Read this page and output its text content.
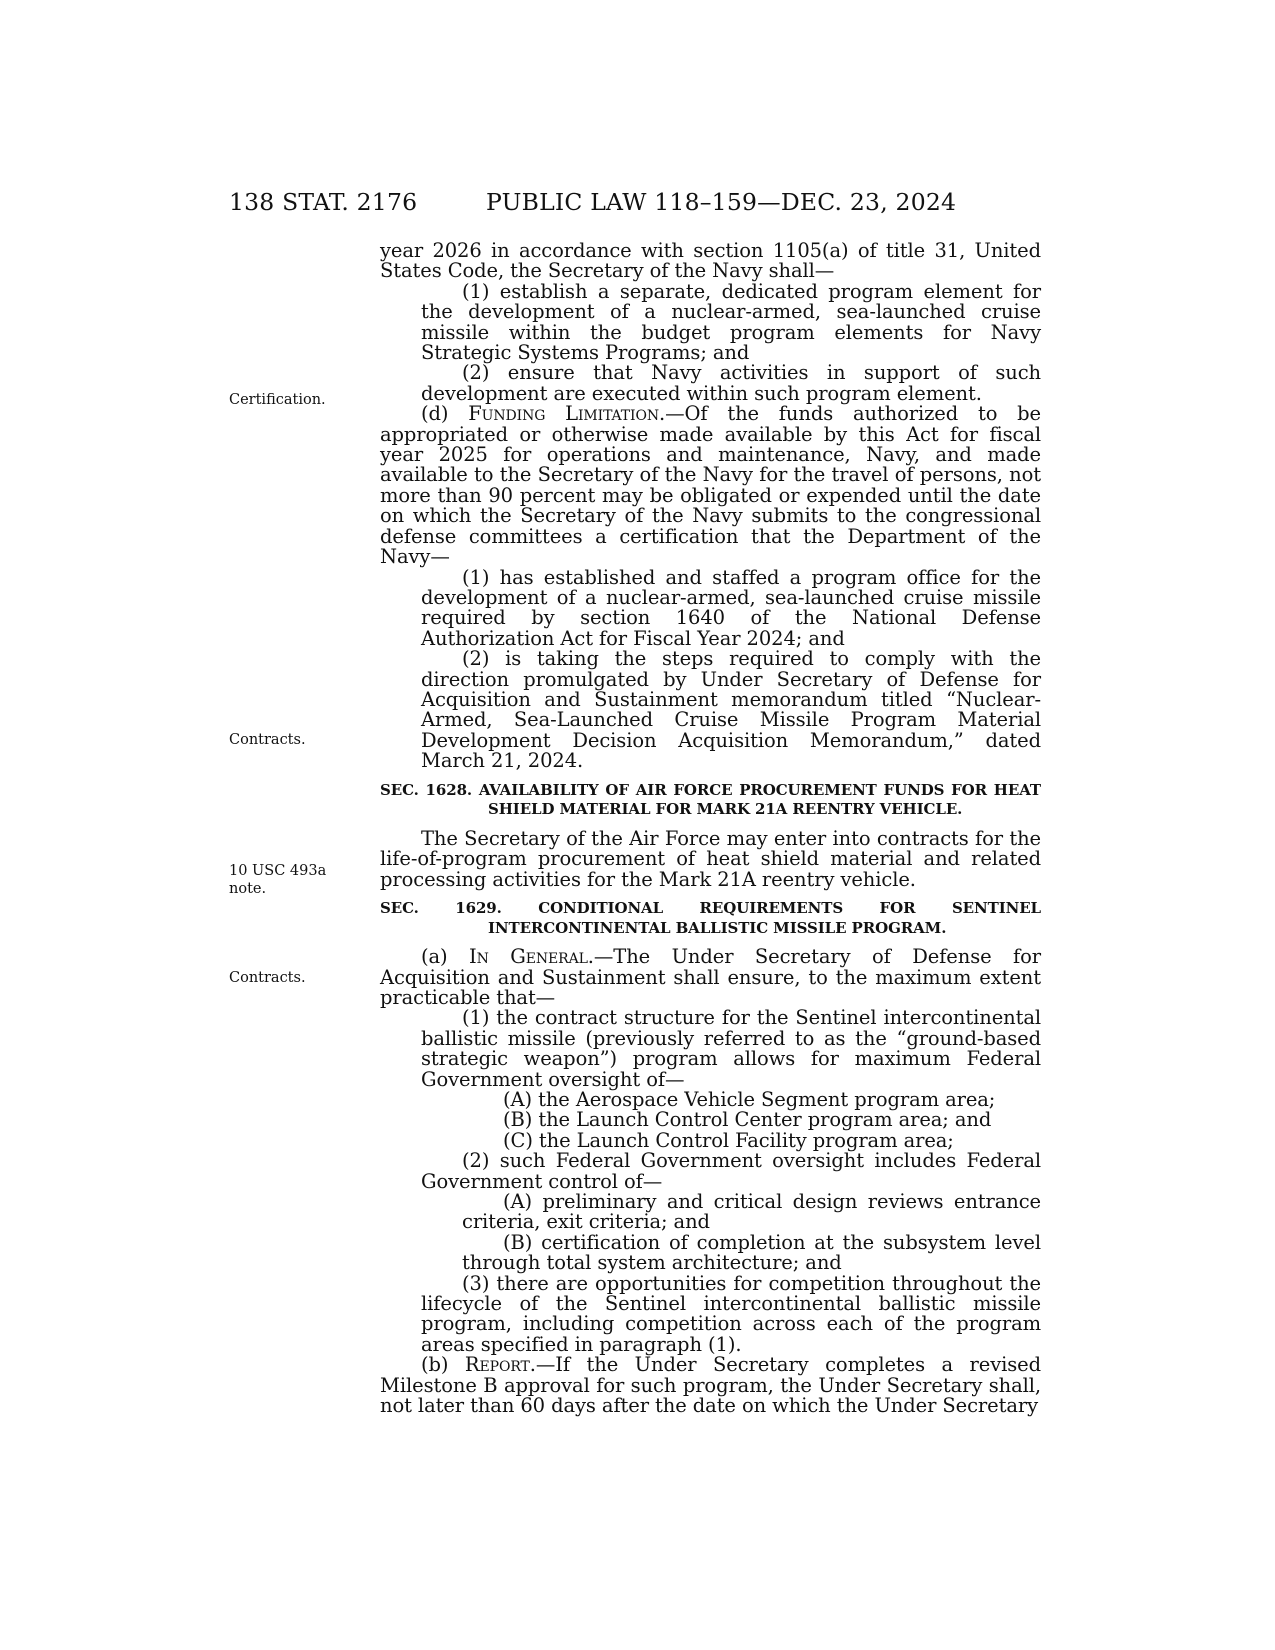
138 STAT. 2176	PUBLIC LAW 118–159—DEC. 23, 2024
Certification.
Contracts.
10 USC 493a
note.
Contracts.

year 2026 in accordance with section 1105(a) of title 31, United States Code, the Secretary of the Navy shall—

(1) establish a separate, dedicated program element for the development of a nuclear-armed, sea-launched cruise missile within the budget program elements for Navy Strategic Systems Programs; and

(2) ensure that Navy activities in support of such development are executed within such program element.

(d) Funding Limitation.—Of the funds authorized to be appropriated or otherwise made available by this Act for fiscal year 2025 for operations and maintenance, Navy, and made available to the Secretary of the Navy for the travel of persons, not more than 90 percent may be obligated or expended until the date on which the Secretary of the Navy submits to the congressional defense committees a certification that the Department of the Navy—

(1) has established and staffed a program office for the development of a nuclear-armed, sea-launched cruise missile required by section 1640 of the National Defense Authorization Act for Fiscal Year 2024; and

(2) is taking the steps required to comply with the direction promulgated by Under Secretary of Defense for Acquisition and Sustainment memorandum titled “Nuclear-Armed, Sea-Launched Cruise Missile Program Material Development Decision Acquisition Memorandum,” dated March 21, 2024.

SEC. 1628. AVAILABILITY OF AIR FORCE PROCUREMENT FUNDS FOR HEAT SHIELD MATERIAL FOR MARK 21A REENTRY VEHICLE.

The Secretary of the Air Force may enter into contracts for the life-of-program procurement of heat shield material and related processing activities for the Mark 21A reentry vehicle.

SEC. 1629. CONDITIONAL REQUIREMENTS FOR SENTINEL INTERCONTINENTAL BALLISTIC MISSILE PROGRAM.

(a) In General.—The Under Secretary of Defense for Acquisition and Sustainment shall ensure, to the maximum extent practicable that—

(1) the contract structure for the Sentinel intercontinental ballistic missile (previously referred to as the “ground-based strategic weapon”) program allows for maximum Federal Government oversight of—

(A) the Aerospace Vehicle Segment program area;

(B) the Launch Control Center program area; and

(C) the Launch Control Facility program area;

(2) such Federal Government oversight includes Federal Government control of—

(A) preliminary and critical design reviews entrance criteria, exit criteria; and

(B) certification of completion at the subsystem level through total system architecture; and

(3) there are opportunities for competition throughout the lifecycle of the Sentinel intercontinental ballistic missile program, including competition across each of the program areas specified in paragraph (1).

(b) Report.—If the Under Secretary completes a revised Milestone B approval for such program, the Under Secretary shall, not later than 60 days after the date on which the Under Secretary
